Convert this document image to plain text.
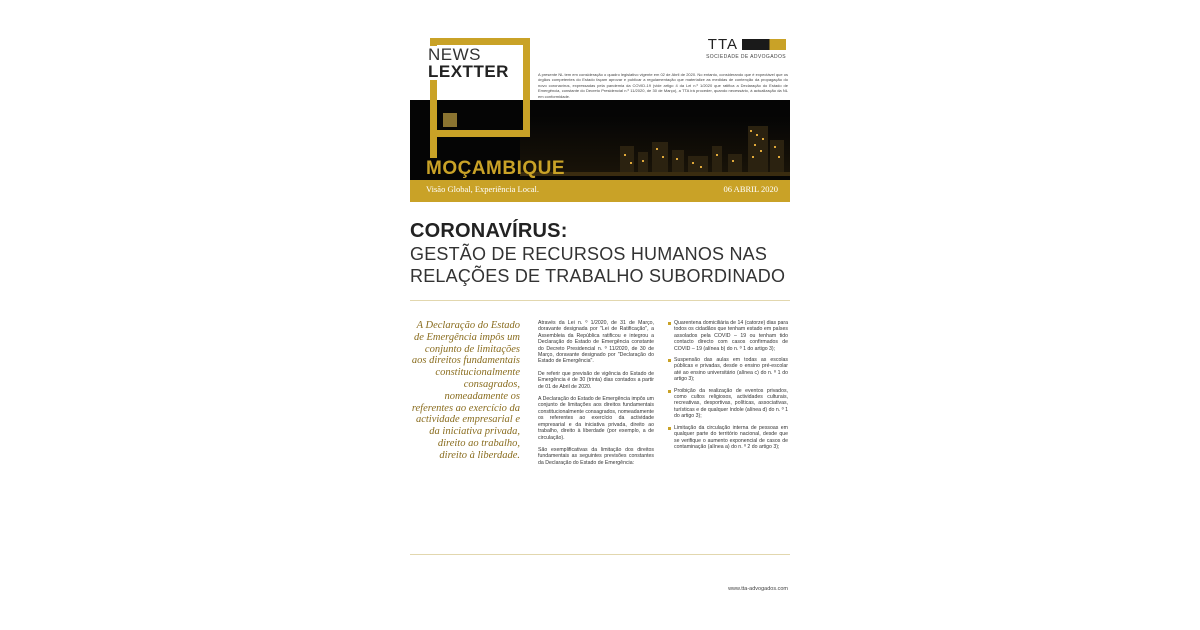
NEWS
LEXTTER
TTA
SOCIEDADE DE ADVOGADOS
A presente NL tem em consideração o quadro legislativo vigente em 02 de Abril de 2020. No entanto, considerando que é expectável que os órgãos competentes do Estado façam aprovar e publicar a regulamentação que materialize as medidas de contenção da propagação do novo coronavírus, expressadas pela pandemia da COVID-19 (vide artigo 4 da Lei n.º 1/2020 que ratifica a Declaração do Estado de Emergência, constante do Decreto Presidencial n.º 11/2020, de 30 de Março), a TTA irá proceder, quando necessário, à actualização da NL em conformidade.
MOÇAMBIQUE
Visão Global, Experiência Local.	06 ABRIL 2020
CORONAVÍRUS:
GESTÃO DE RECURSOS HUMANOS NAS
RELAÇÕES DE TRABALHO SUBORDINADO
A Declaração do Estado de Emergência impôs um conjunto de limitações aos direitos fundamentais constitucionalmente consagrados, nomeadamente os referentes ao exercício da actividade empresarial e da iniciativa privada, direito ao trabalho, direito à liberdade.

Através da Lei n. º 1/2020, de 31 de Março, doravante designada por "Lei de Ratificação", a Assembleia da República ratificou e integrou a Declaração do Estado de Emergência constante do Decreto Presidencial n. º 11/2020, de 30 de Março, doravante designado por "Declaração do Estado de Emergência".

De referir que previsão de vigência do Estado de Emergência é de 30 (trinta) dias contados a partir de 01 de Abril de 2020.

A Declaração do Estado de Emergência impôs um conjunto de limitações aos direitos fundamentais constitucionalmente consagrados, nomeadamente os referentes ao exercício da actividade empresarial e da iniciativa privada, direito ao trabalho, direito à liberdade (por exemplo, a de circulação).

São exemplificativas da limitação dos direitos fundamentais as seguintes previsões constantes da Declaração do Estado de Emergência:

Quarentena domiciliária de 14 (catorze) dias para todos os cidadãos que tenham estado em países assolados pela COVID – 19 ou tenham tido contacto directo com casos confirmados de COVID – 19 (alínea b) do n. º 1 do artigo 3);
Suspensão das aulas em todas as escolas públicas e privadas, desde o ensino pré-escolar até ao ensino universitário (alínea c) do n. º 1 do artigo 3);
Proibição da realização de eventos privados, como cultos religiosos, actividades culturais, recreativas, desportivas, políticas, associativas, turísticas e de qualquer índole (alínea d) do n. º 1 do artigo 3);
Limitação da circulação interna de pessoas em qualquer parte do território nacional, desde que se verifique o aumento exponencial de casos de contaminação (alínea a) do n. º 2 do artigo 3);
www.tta-advogados.com
